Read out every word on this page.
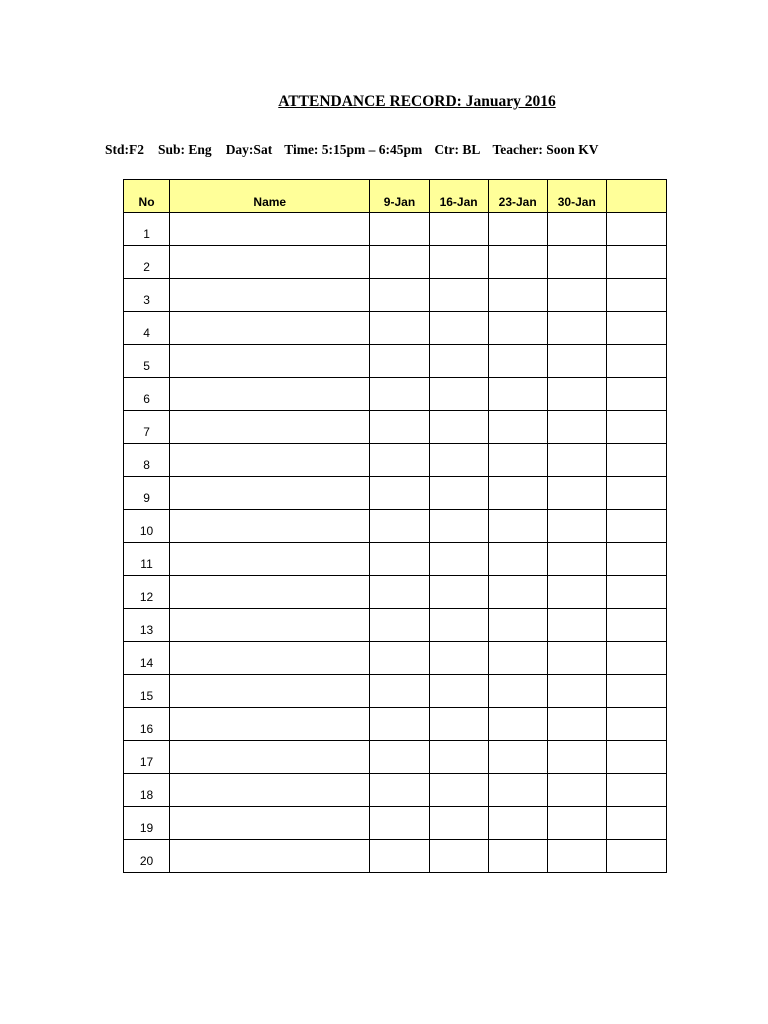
ATTENDANCE RECORD: January 2016
Std:F2 Sub: Eng Day:Sat Time: 5:15pm – 6:45pm Ctr: BL Teacher: Soon KV
No	Name	9-Jan	16-Jan	23-Jan	30-Jan	
1						
2						
3						
4						
5						
6						
7						
8						
9						
10						
11						
12						
13						
14						
15						
16						
17						
18						
19						
20						
